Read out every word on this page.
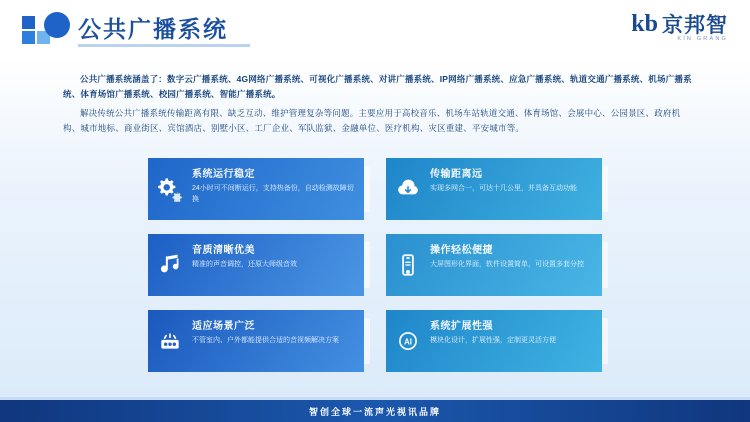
公共广播系统	kb 京邦智
KIN GRANG
公共广播系统涵盖了：数字云广播系统、4G网络广播系统、可视化广播系统、对讲广播系统、IP网络广播系统、应急广播系统、轨道交通广播系统、机场广播系统、体育场馆广播系统、校园广播系统、智能广播系统。
解决传统公共广播系统传输距离有限、缺乏互动、维护管理复杂等问题。主要应用于高校音乐、机场车站轨道交通、体育场馆、会展中心、公园景区、政府机构、城市地标、商业街区、宾馆酒店、别墅小区、工厂企业、军队监狱、金融单位、医疗机构、灾区重建、平安城市等。
系统运行稳定
24小时可不间断运行，支持热备份，自动检测故障切换
传输距离远
实现多网合一，可达十几公里，并具备互动功能
音质清晰优美
精准的声音调控，还原大师级音效
操作轻松便捷
大屏图形化界面，软件设置简单，可设置多套分控
适应场景广泛
不管室内、户外都能提供合适的音视频解决方案	AI
系统扩展性强
模块化设计，扩展性强，定制更灵活方便
智创全球一流声光视讯品牌
